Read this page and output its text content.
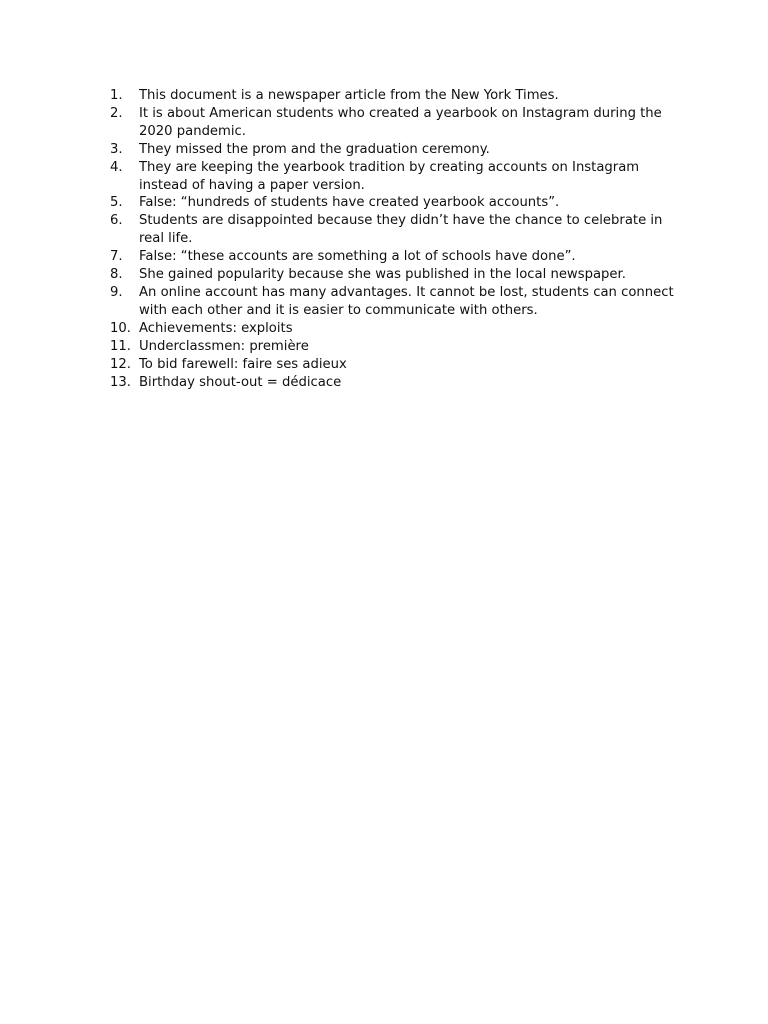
1.	This document is a newspaper article from the New York Times.
2.	It is about American students who created a yearbook on Instagram during the 2020 pandemic.
3.	They missed the prom and the graduation ceremony.
4.	They are keeping the yearbook tradition by creating accounts on Instagram instead of having a paper version.
5.	False: “hundreds of students have created yearbook accounts”.
6.	Students are disappointed because they didn’t have the chance to celebrate in real life.
7.	False: “these accounts are something a lot of schools have done”.
8.	She gained popularity because she was published in the local newspaper.
9.	An online account has many advantages. It cannot be lost, students can connect with each other and it is easier to communicate with others.
10. Achievements: exploits
11. Underclassmen: première
12. To bid farewell: faire ses adieux
13. Birthday shout-out = dédicace
